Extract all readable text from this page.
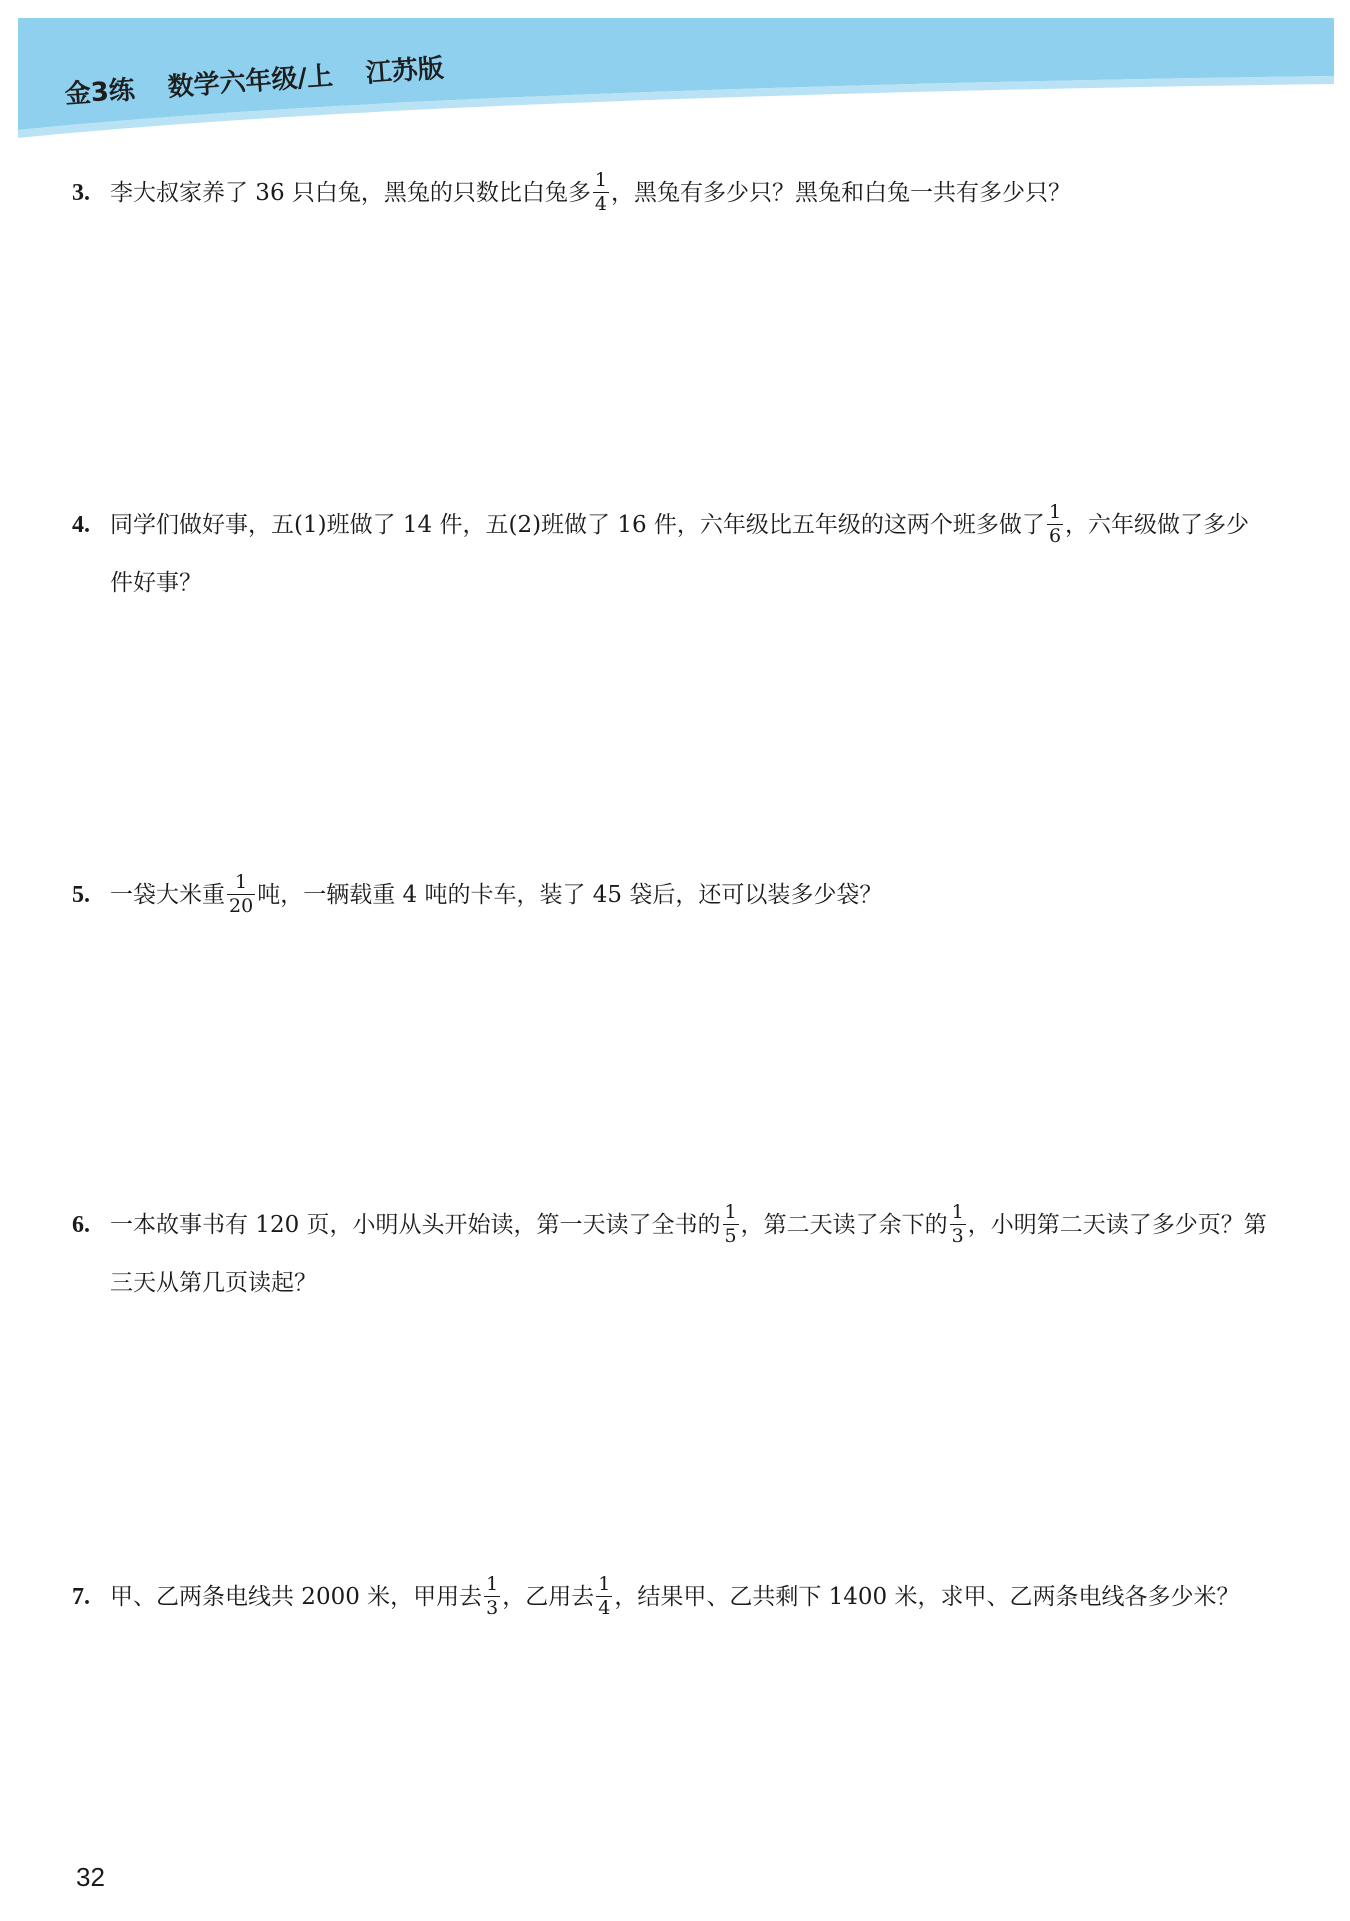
金3练 数学六年级/上 江苏版
3. 李大叔家养了 36 只白兔，黑兔的只数比白兔多 $\frac{1}{4}$ ，黑兔有多少只？黑兔和白兔一共有多少只？
4. 同学们做好事，五(1)班做了 14 件，五(2)班做了 16 件，六年级比五年级的这两个班多做了 $\frac{1}{6}$ ，六年级做了多少件好事？
5. 一袋大米重 $\frac{1}{20}$ 吨，一辆载重 4 吨的卡车，装了 45 袋后，还可以装多少袋？
6. 一本故事书有 120 页，小明从头开始读，第一天读了全书的 $\frac{1}{5}$ ，第二天读了余下的 $\frac{1}{3}$ ，小明第二天读了多少页？第三天从第几页读起？
7. 甲、乙两条电线共 2000 米，甲用去 $\frac{1}{3}$ ，乙用去 $\frac{1}{4}$ ，结果甲、乙共剩下 1400 米，求甲、乙两条电线各多少米？
32
